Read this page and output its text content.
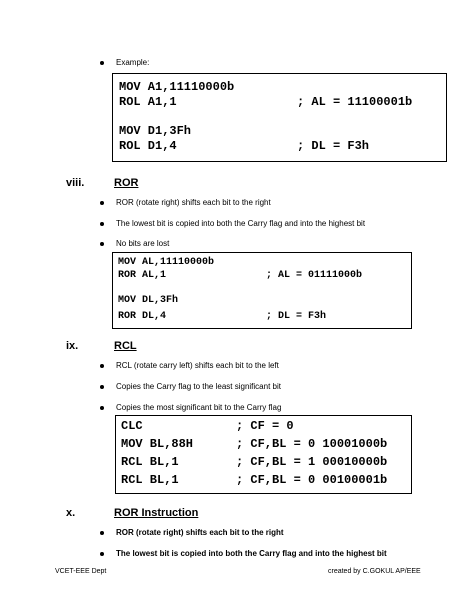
Example:

MOV A1,11110000b

ROL A1,1

	; AL = 11100001b

MOV D1,3Fh

ROL D1,4

	; DL = F3h

viii.	ROR
ROR (rotate right) shifts each bit to the right
The lowest bit is copied into both the Carry flag and into the highest bit
No bits are lost

MOV AL,11110000b

ROR AL,1

	; AL = 01111000b

MOV DL,3Fh

ROR DL,4

	; DL = F3h

ix.	RCL
RCL (rotate carry left) shifts each bit to the left
Copies the Carry flag to the least significant bit
Copies the most significant bit to the Carry flag

CLC

	; CF = 0

MOV BL,88H

	; CF,BL = 0 10001000b

RCL BL,1

	; CF,BL = 1 00010000b

RCL BL,1

	; CF,BL = 0 00100001b

x.	ROR Instruction
ROR (rotate right) shifts each bit to the right
The lowest bit is copied into both the Carry flag and into the highest bit
VCET-EEE Dept	created by C.GOKUL AP/EEE
